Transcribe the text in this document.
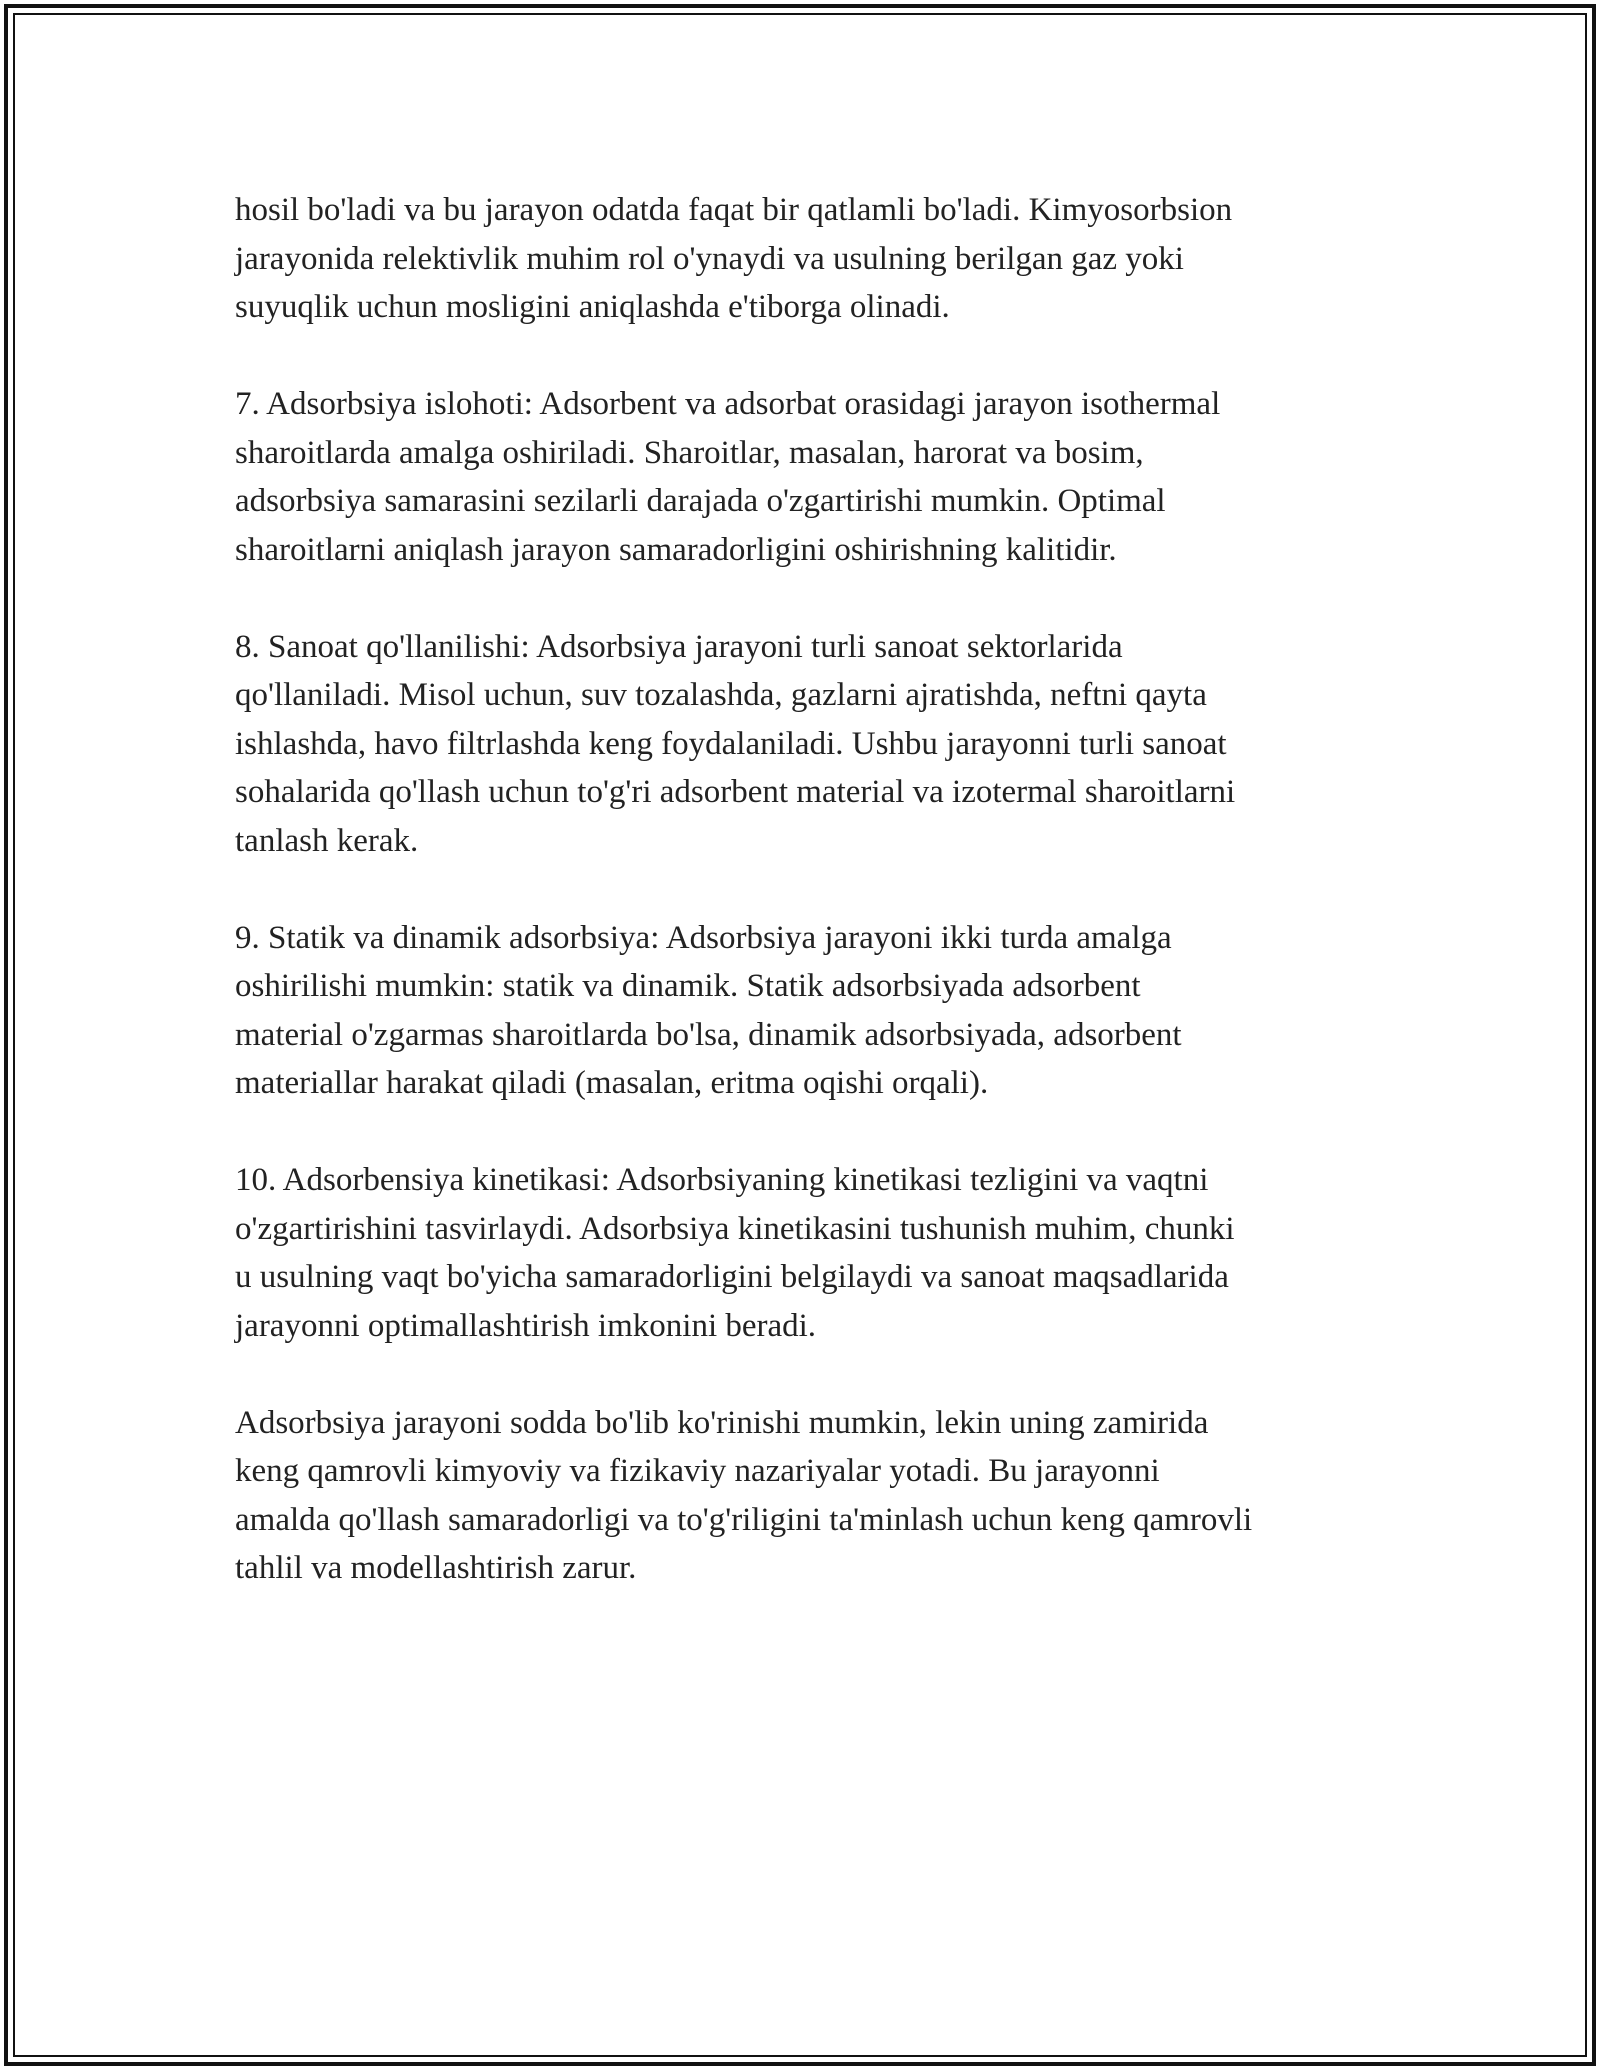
hosil bo'ladi va bu jarayon odatda faqat bir qatlamli bo'ladi. Kimyosorbsion
jarayonida relektivlik muhim rol o'ynaydi va usulning berilgan gaz yoki
suyuqlik uchun mosligini aniqlashda e'tiborga olinadi.

7. Adsorbsiya islohoti: Adsorbent va adsorbat orasidagi jarayon isothermal
sharoitlarda amalga oshiriladi. Sharoitlar, masalan, harorat va bosim,
adsorbsiya samarasini sezilarli darajada o'zgartirishi mumkin. Optimal
sharoitlarni aniqlash jarayon samaradorligini oshirishning kalitidir.

8. Sanoat qo'llanilishi: Adsorbsiya jarayoni turli sanoat sektorlarida
qo'llaniladi. Misol uchun, suv tozalashda, gazlarni ajratishda, neftni qayta
ishlashda, havo filtrlashda keng foydalaniladi. Ushbu jarayonni turli sanoat
sohalarida qo'llash uchun to'g'ri adsorbent material va izotermal sharoitlarni
tanlash kerak.

9. Statik va dinamik adsorbsiya: Adsorbsiya jarayoni ikki turda amalga
oshirilishi mumkin: statik va dinamik. Statik adsorbsiyada adsorbent
material o'zgarmas sharoitlarda bo'lsa, dinamik adsorbsiyada, adsorbent
materiallar harakat qiladi (masalan, eritma oqishi orqali).

10. Adsorbensiya kinetikasi: Adsorbsiyaning kinetikasi tezligini va vaqtni
o'zgartirishini tasvirlaydi. Adsorbsiya kinetikasini tushunish muhim, chunki
u usulning vaqt bo'yicha samaradorligini belgilaydi va sanoat maqsadlarida
jarayonni optimallashtirish imkonini beradi.

Adsorbsiya jarayoni sodda bo'lib ko'rinishi mumkin, lekin uning zamirida
keng qamrovli kimyoviy va fizikaviy nazariyalar yotadi. Bu jarayonni
amalda qo'llash samaradorligi va to'g'riligini ta'minlash uchun keng qamrovli
tahlil va modellashtirish zarur.
